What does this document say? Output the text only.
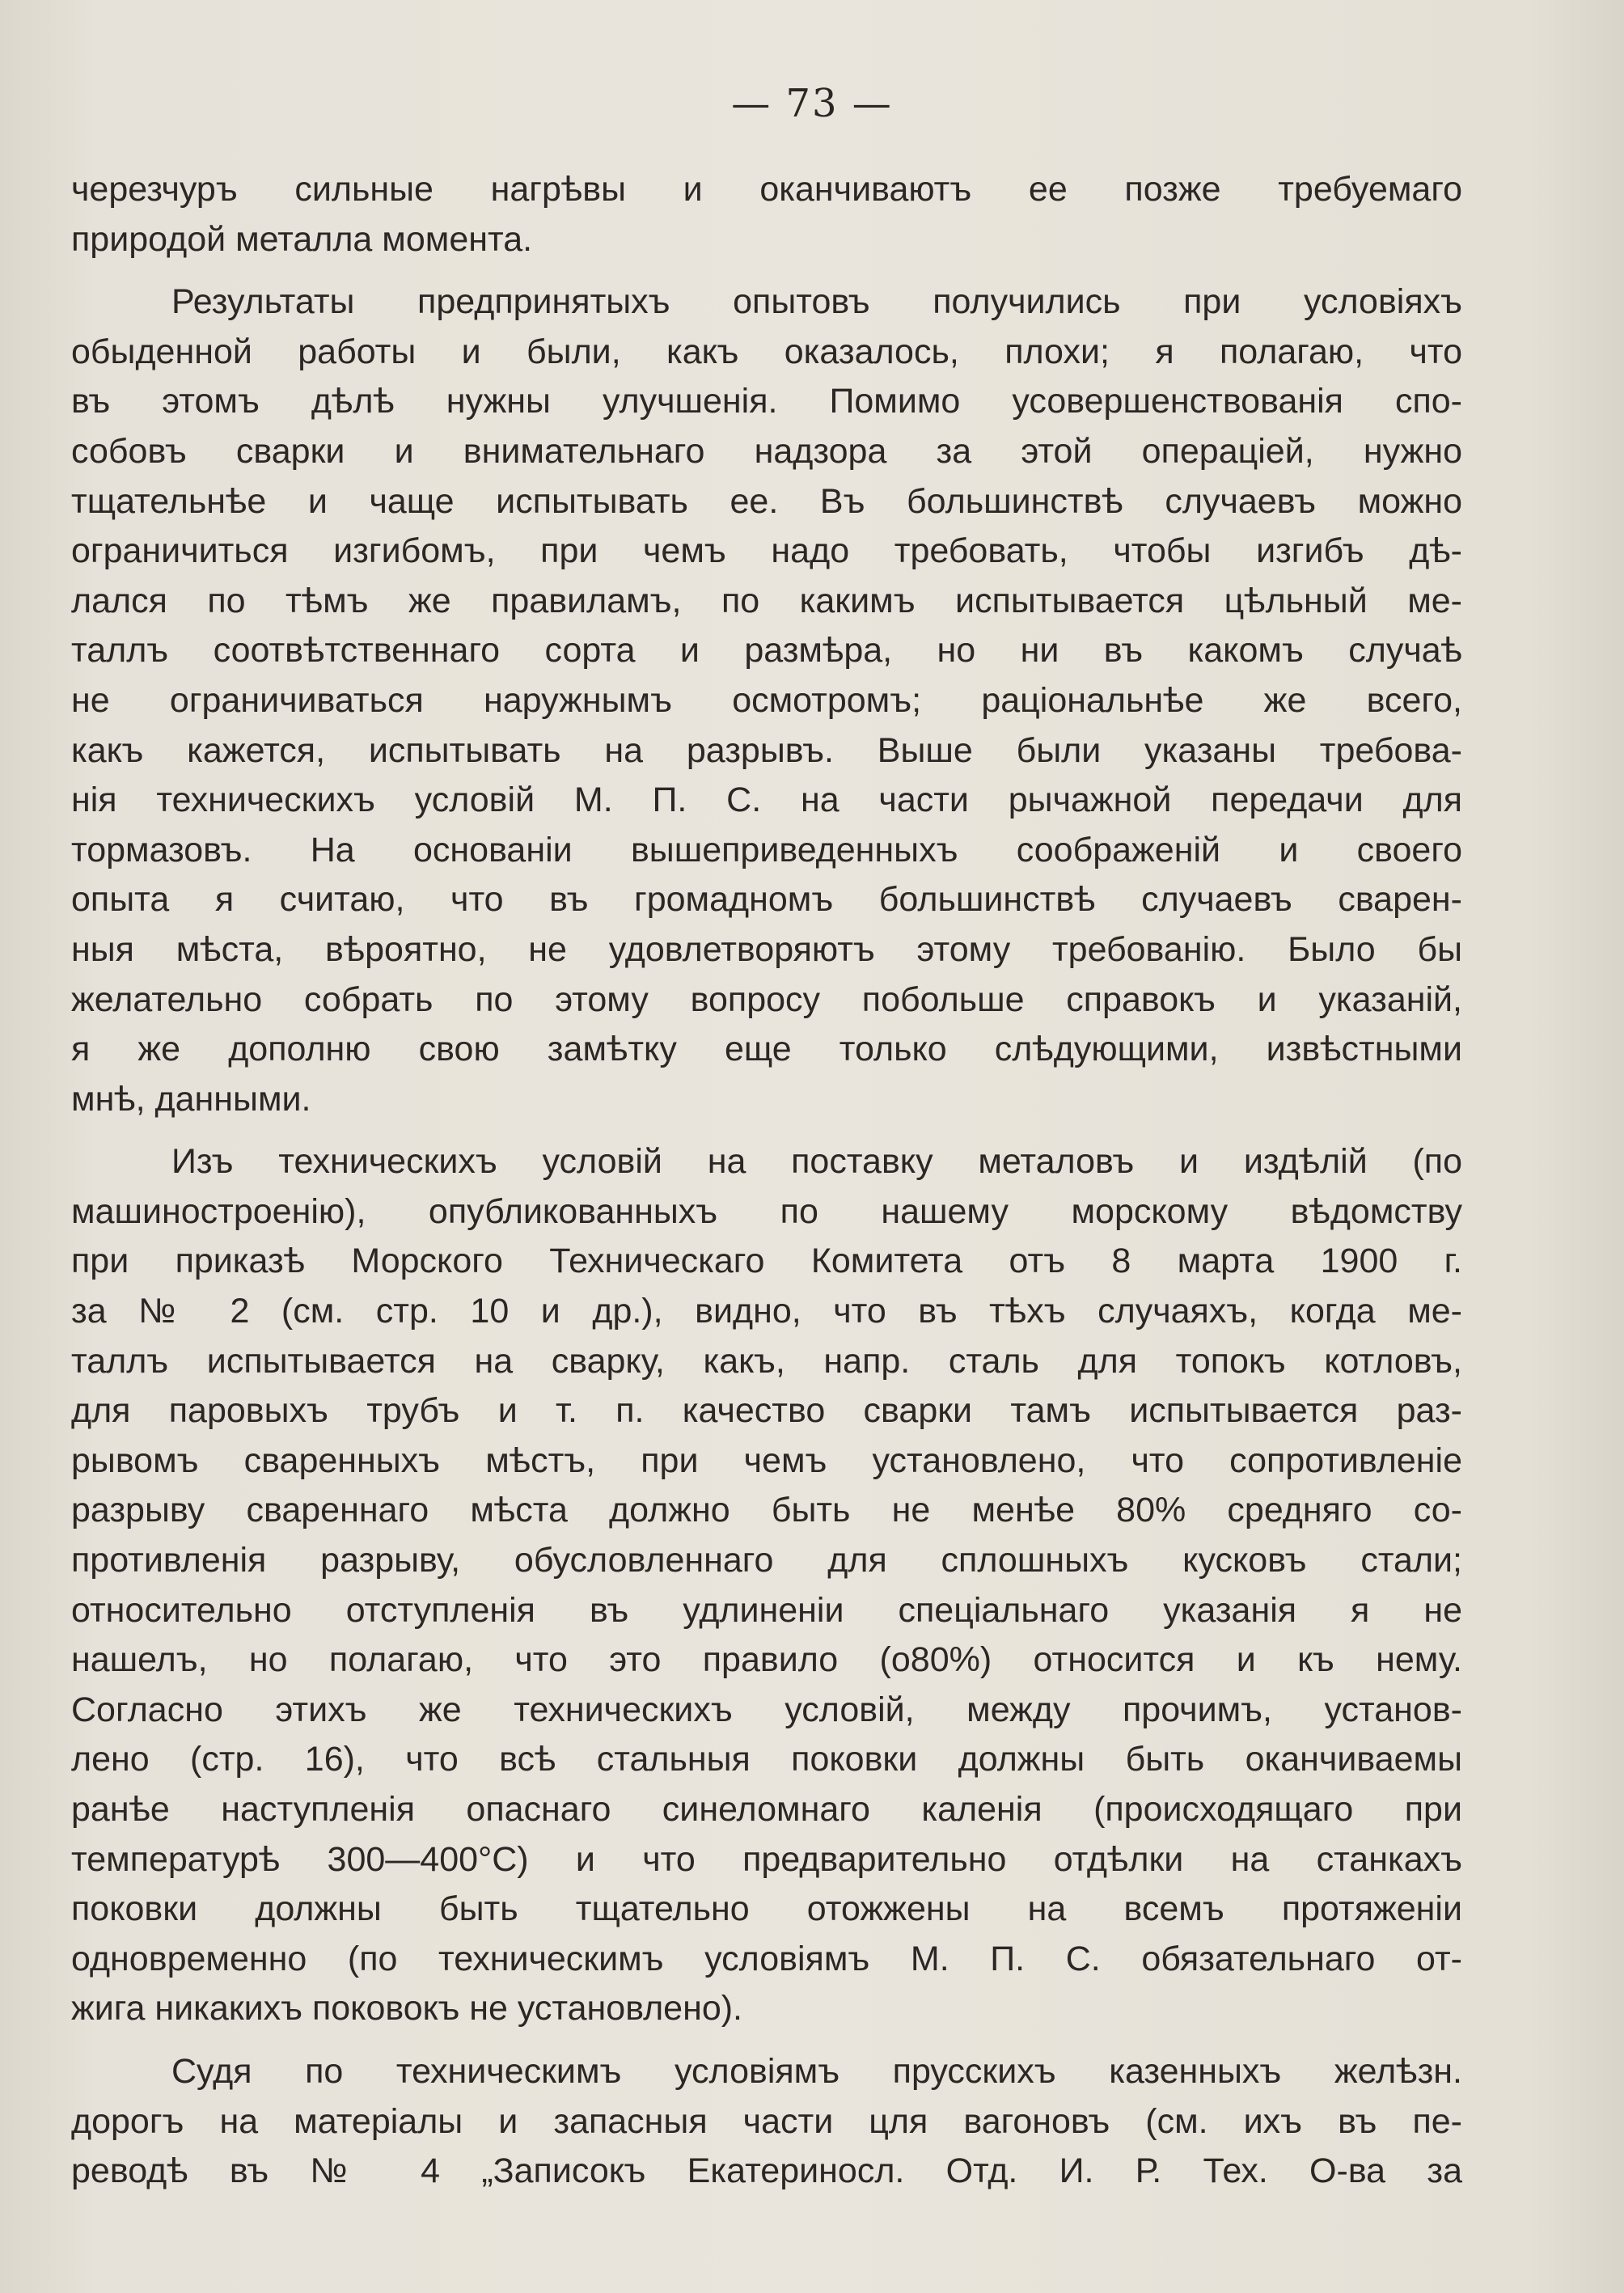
— 73 —
черезчуръ сильные нагрѣвы и оканчиваютъ ее позже требуемаго
природой металла момента.
Результаты предпринятыхъ опытовъ получились при условіяхъ
обыденной работы и были, какъ оказалось, плохи; я полагаю, что
въ этомъ дѣлѣ нужны улучшенія. Помимо усовершенствованія спо-
собовъ сварки и внимательнаго надзора за этой операціей, нужно
тщательнѣе и чаще испытывать ее. Въ большинствѣ случаевъ можно
ограничиться изгибомъ, при чемъ надо требовать, чтобы изгибъ дѣ-
лался по тѣмъ же правиламъ, по какимъ испытывается цѣльный ме-
таллъ соотвѣтственнаго сорта и размѣра, но ни въ какомъ случаѣ
не ограничиваться наружнымъ осмотромъ; раціональнѣе же всего,
какъ кажется, испытывать на разрывъ. Выше были указаны требова-
нія техническихъ условій М. П. С. на части рычажной передачи для
тормазовъ. На основаніи вышеприведенныхъ соображеній и своего
опыта я считаю, что въ громадномъ большинствѣ случаевъ сварен-
ныя мѣста, вѣроятно, не удовлетворяютъ этому требованію. Было бы
желательно собрать по этому вопросу побольше справокъ и указаній,
я же дополню свою замѣтку еще только слѣдующими, извѣстными
мнѣ, данными.
Изъ техническихъ условій на поставку металовъ и издѣлій (по
машиностроенію), опубликованныхъ по нашему морскому вѣдомству
при приказѣ Морского Техническаго Комитета отъ 8 марта 1900 г.
за № 2 (см. стр. 10 и др.), видно, что въ тѣхъ случаяхъ, когда ме-
таллъ испытывается на сварку, какъ, напр. сталь для топокъ котловъ,
для паровыхъ трубъ и т. п. качество сварки тамъ испытывается раз-
рывомъ сваренныхъ мѣстъ, при чемъ установлено, что сопротивленіе
разрыву свареннаго мѣста должно быть не менѣе 80% средняго со-
противленія разрыву, обусловленнаго для сплошныхъ кусковъ стали;
относительно отступленія въ удлиненіи спеціальнаго указанія я не
нашелъ, но полагаю, что это правило (о80%) относится и къ нему.
Согласно этихъ же техническихъ условій, между прочимъ, установ-
лено (стр. 16), что всѣ стальныя поковки должны быть оканчиваемы
ранѣе наступленія опаснаго синеломнаго каленія (происходящаго при
температурѣ 300—400°С) и что предварительно отдѣлки на станкахъ
поковки должны быть тщательно отожжены на всемъ протяженіи
одновременно (по техническимъ условіямъ М. П. С. обязательнаго от-
жига никакихъ поковокъ не установлено).
Судя по техническимъ условіямъ прусскихъ казенныхъ желѣзн.
дорогъ на матеріалы и запасныя части цля вагоновъ (см. ихъ въ пе-
реводѣ въ № 4 „Записокъ Екатериносл. Отд. И. Р. Тех. О-ва за
